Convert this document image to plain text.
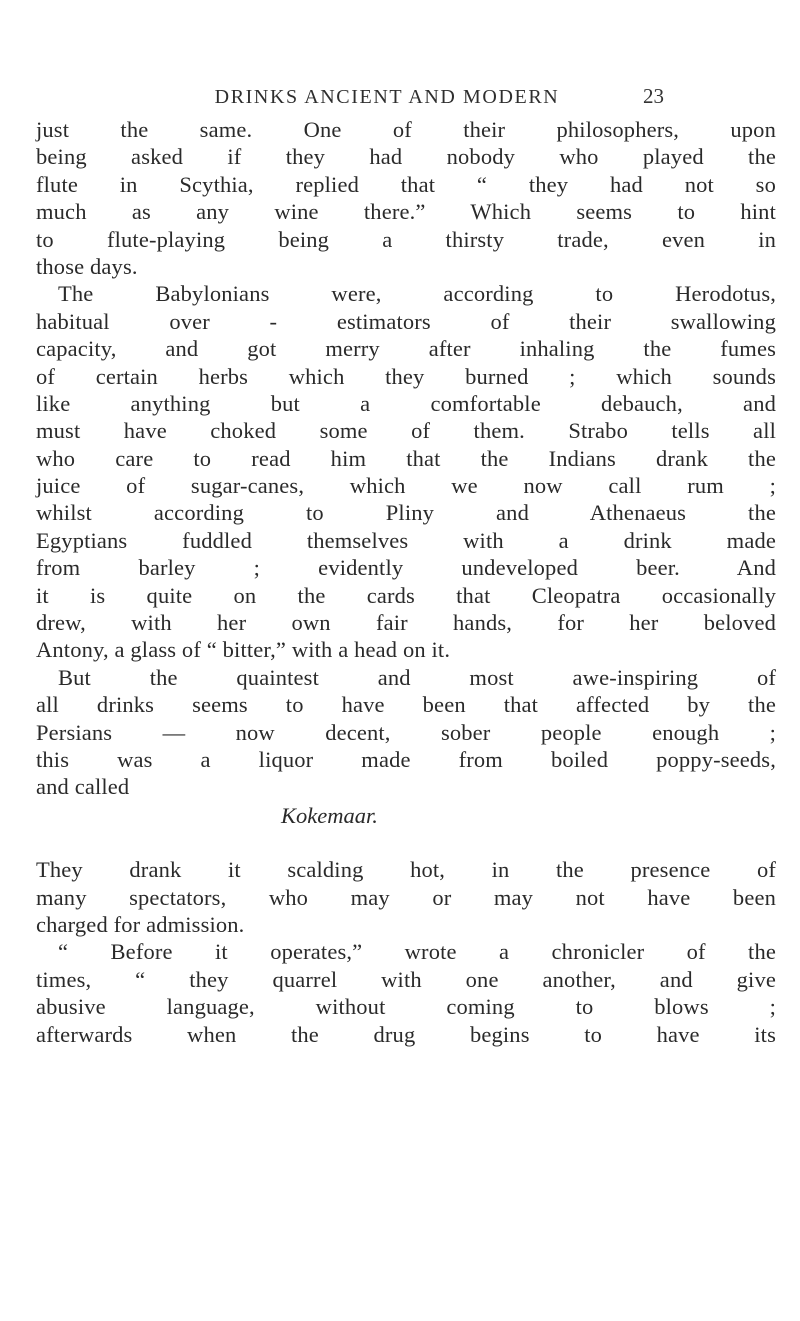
DRINKS ANCIENT AND MODERN	23
just the same. One of their philosophers, upon
being asked if they had nobody who played the
flute in Scythia, replied that “ they had not so
much as any wine there.” Which seems to hint
to flute-playing being a thirsty trade, even in
those days.
The Babylonians were, according to Herodotus,
habitual over - estimators of their swallowing
capacity, and got merry after inhaling the fumes
of certain herbs which they burned ; which sounds
like anything but a comfortable debauch, and
must have choked some of them. Strabo tells all
who care to read him that the Indians drank the
juice of sugar-canes, which we now call rum ;
whilst according to Pliny and Athenaeus the
Egyptians fuddled themselves with a drink made
from barley ; evidently undeveloped beer. And
it is quite on the cards that Cleopatra occasionally
drew, with her own fair hands, for her beloved
Antony, a glass of “ bitter,” with a head on it.
But the quaintest and most awe-inspiring of
all drinks seems to have been that affected by the
Persians — now decent, sober people enough ;
this was a liquor made from boiled poppy-seeds,
and called
Kokemaar.
They drank it scalding hot, in the presence of
many spectators, who may or may not have been
charged for admission.
“ Before it operates,” wrote a chronicler of the
times, “ they quarrel with one another, and give
abusive language, without coming to blows ;
afterwards when the drug begins to have its
